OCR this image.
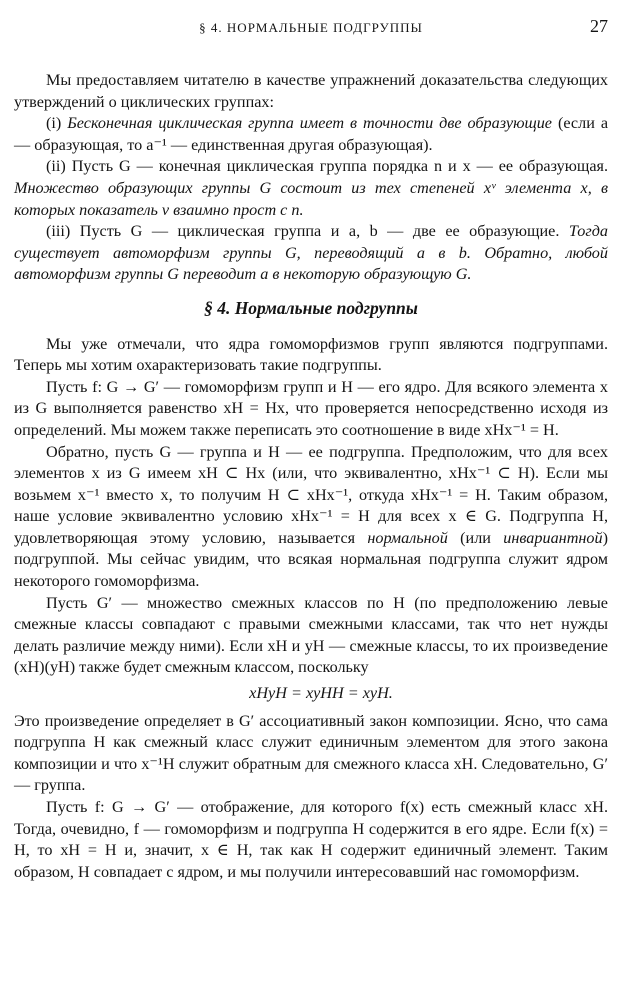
§ 4. НОРМАЛЬНЫЕ ПОДГРУППЫ	27

Мы предоставляем читателю в качестве упражнений доказательства следующих утверждений о циклических группах:

(i) Бесконечная циклическая группа имеет в точности две образующие (если a — образующая, то a⁻¹ — единственная другая образующая).

(ii) Пусть G — конечная циклическая группа порядка n и x — ее образующая. Множество образующих группы G состоит из тех степеней xᵛ элемента x, в которых показатель v взаимно прост с n.

(iii) Пусть G — циклическая группа и a, b — две ее образующие. Тогда существует автоморфизм группы G, переводящий a в b. Обратно, любой автоморфизм группы G переводит a в некоторую образующую G.

§ 4. Нормальные подгруппы

Мы уже отмечали, что ядра гомоморфизмов групп являются подгруппами. Теперь мы хотим охарактеризовать такие подгруппы.

Пусть f: G → G′ — гомоморфизм групп и H — его ядро. Для всякого элемента x из G выполняется равенство xH = Hx, что проверяется непосредственно исходя из определений. Мы можем также переписать это соотношение в виде xHx⁻¹ = H.

Обратно, пусть G — группа и H — ее подгруппа. Предположим, что для всех элементов x из G имеем xH ⊂ Hx (или, что эквивалентно, xHx⁻¹ ⊂ H). Если мы возьмем x⁻¹ вместо x, то получим H ⊂ xHx⁻¹, откуда xHx⁻¹ = H. Таким образом, наше условие эквивалентно условию xHx⁻¹ = H для всех x ∈ G. Подгруппа H, удовлетворяющая этому условию, называется нормальной (или инвариантной) подгруппой. Мы сейчас увидим, что всякая нормальная подгруппа служит ядром некоторого гомоморфизма.

Пусть G′ — множество смежных классов по H (по предположению левые смежные классы совпадают с правыми смежными классами, так что нет нужды делать различие между ними). Если xH и yH — смежные классы, то их произведение (xH)(yH) также будет смежным классом, поскольку

xHyH = xyHH = xyH.

Это произведение определяет в G′ ассоциативный закон композиции. Ясно, что сама подгруппа H как смежный класс служит единичным элементом для этого закона композиции и что x⁻¹H служит обратным для смежного класса xH. Следовательно, G′ — группа.

Пусть f: G → G′ — отображение, для которого f(x) есть смежный класс xH. Тогда, очевидно, f — гомоморфизм и подгруппа H содержится в его ядре. Если f(x) = H, то xH = H и, значит, x ∈ H, так как H содержит единичный элемент. Таким образом, H совпадает с ядром, и мы получили интересовавший нас гомоморфизм.
